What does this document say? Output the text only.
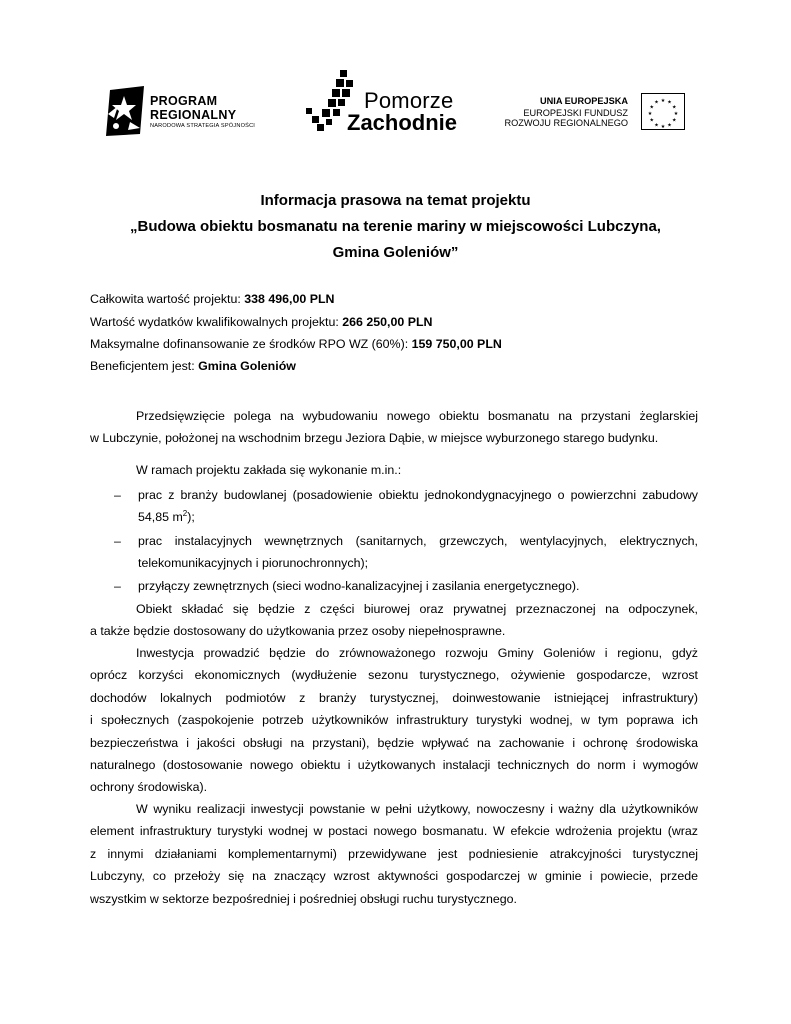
PROGRAM
REGIONALNY
NARODOWA STRATEGIA SPÓJNOŚCI
Pomorze
Zachodnie
UNIA EUROPEJSKA
EUROPEJSKI FUNDUSZ
ROZWOJU REGIONALNEGO
★ ★
★
★
★
★
★
★
★
★
★
★
Informacja prasowa na temat projektu
„Budowa obiektu bosmanatu na terenie mariny w miejscowości Lubczyna,
Gmina Goleniów”
Całkowita wartość projektu: 338 496,00 PLN
Wartość wydatków kwalifikowalnych projektu: 266 250,00 PLN
Maksymalne dofinansowanie ze środków RPO WZ (60%): 159 750,00 PLN
Beneficjentem jest: Gmina Goleniów
Przedsięwzięcie polega na wybudowaniu nowego obiektu bosmanatu na przystani żeglarskiej
w Lubczynie, położonej na wschodnim brzegu Jeziora Dąbie, w miejsce wyburzonego starego budynku.
W ramach projektu zakłada się wykonanie m.in.:
– prac z branży budowlanej (posadowienie obiektu jednokondygnacyjnego o powierzchni zabudowy
54,85 $m^2$);
– prac instalacyjnych wewnętrznych (sanitarnych, grzewczych, wentylacyjnych, elektrycznych,
telekomunikacyjnych i piorunochronnych);
– przyłączy zewnętrznych (sieci wodno-kanalizacyjnej i zasilania energetycznego).
Obiekt składać się będzie z części biurowej oraz prywatnej przeznaczonej na odpoczynek,
a także będzie dostosowany do użytkowania przez osoby niepełnosprawne.
Inwestycja prowadzić będzie do zrównoważonego rozwoju Gminy Goleniów i regionu, gdyż
oprócz korzyści ekonomicznych (wydłużenie sezonu turystycznego, ożywienie gospodarcze, wzrost
dochodów lokalnych podmiotów z branży turystycznej, doinwestowanie istniejącej infrastruktury)
i społecznych (zaspokojenie potrzeb użytkowników infrastruktury turystyki wodnej, w tym poprawa ich
bezpieczeństwa i jakości obsługi na przystani), będzie wpływać na zachowanie i ochronę środowiska
naturalnego (dostosowanie nowego obiektu i użytkowanych instalacji technicznych do norm i wymogów
ochrony środowiska).
W wyniku realizacji inwestycji powstanie w pełni użytkowy, nowoczesny i ważny dla użytkowników
element infrastruktury turystyki wodnej w postaci nowego bosmanatu. W efekcie wdrożenia projektu (wraz
z innymi działaniami komplementarnymi) przewidywane jest podniesienie atrakcyjności turystycznej
Lubczyny, co przełoży się na znaczący wzrost aktywności gospodarczej w gminie i powiecie, przede
wszystkim w sektorze bezpośredniej i pośredniej obsługi ruchu turystycznego.
